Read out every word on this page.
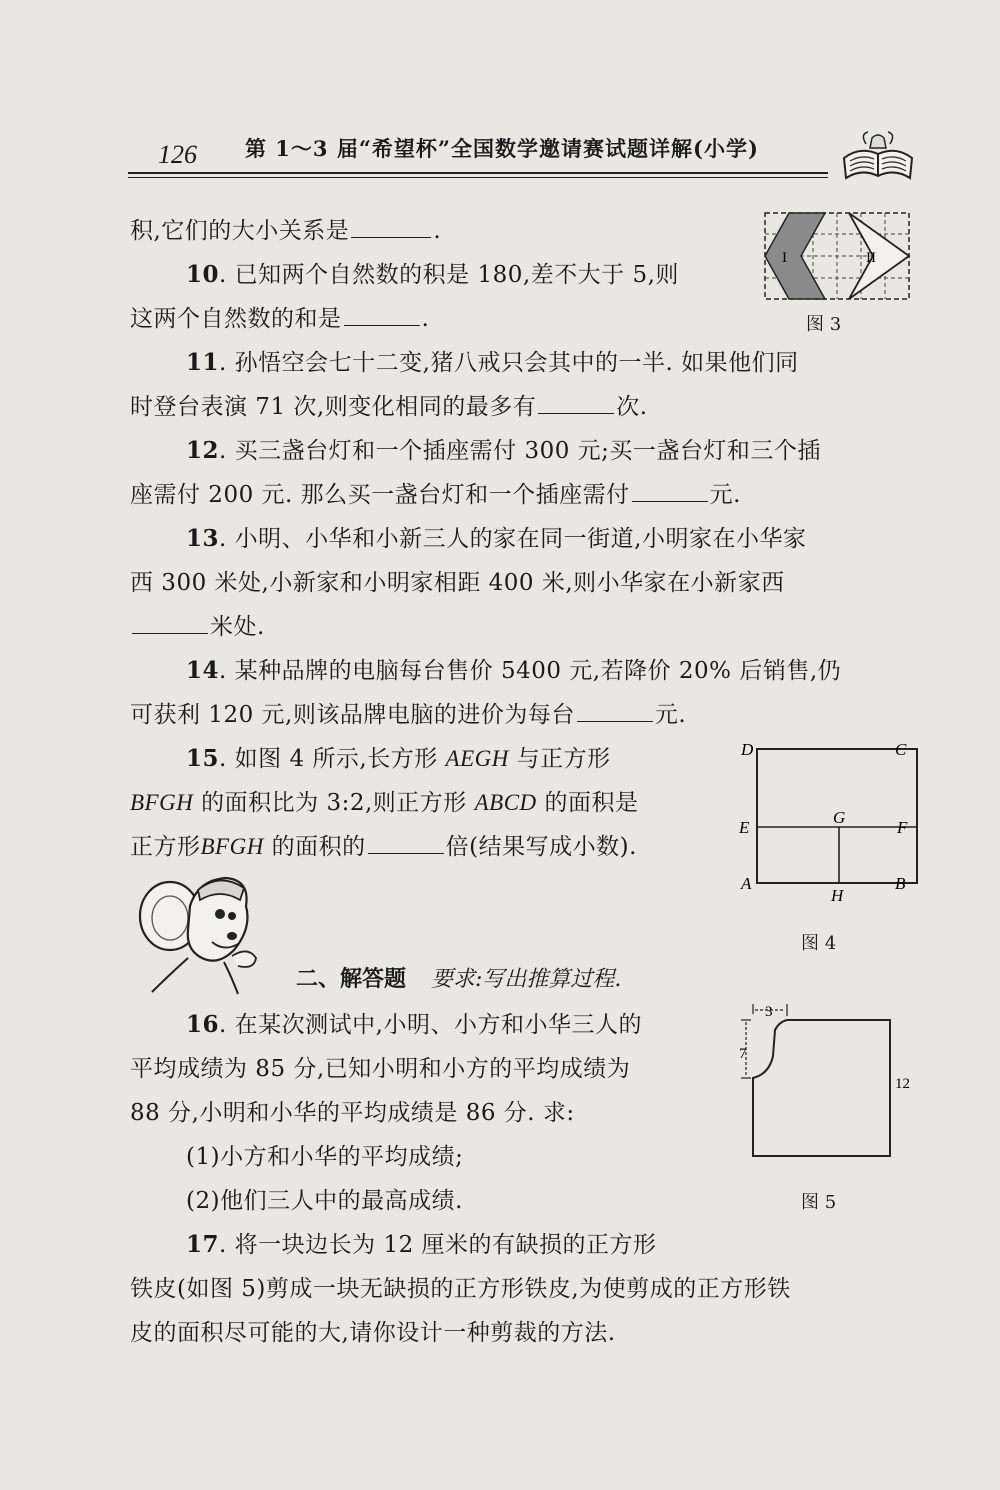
126 第 1～3 届“希望杯”全国数学邀请赛试题详解(小学)
积,它们的大小关系是	.
10. 已知两个自然数的积是 180,差不大于 5,则
这两个自然数的和是	.
I	II
图 3
11. 孙悟空会七十二变,猪八戒只会其中的一半. 如果他们同
时登台表演 71 次,则变化相同的最多有	次.
12. 买三盏台灯和一个插座需付 300 元;买一盏台灯和三个插
座需付 200 元. 那么买一盏台灯和一个插座需付	元.
13. 小明、小华和小新三人的家在同一街道,小明家在小华家
西 300 米处,小新家和小明家相距 400 米,则小华家在小新家西
米处.
14. 某种品牌的电脑每台售价 5400 元,若降价 20% 后销售,仍
可获利 120 元,则该品牌电脑的进价为每台	元.
15. 如图 4 所示,长方形 AEGH 与正方形
BFGH 的面积比为 3:2,则正方形 ABCD 的面积是
正方形BFGH 的面积的	倍(结果写成小数).
D	C
E
G
F
A
H
B
图 4
二、解答题 要求:写出推算过程.
16. 在某次测试中,小明、小方和小华三人的
平均成绩为 85 分,已知小明和小方的平均成绩为
88 分,小明和小华的平均成绩是 86 分. 求:
(1)小方和小华的平均成绩;
(2)他们三人中的最高成绩.
3
7
12
图 5
17. 将一块边长为 12 厘米的有缺损的正方形
铁皮(如图 5)剪成一块无缺损的正方形铁皮,为使剪成的正方形铁
皮的面积尽可能的大,请你设计一种剪裁的方法.
